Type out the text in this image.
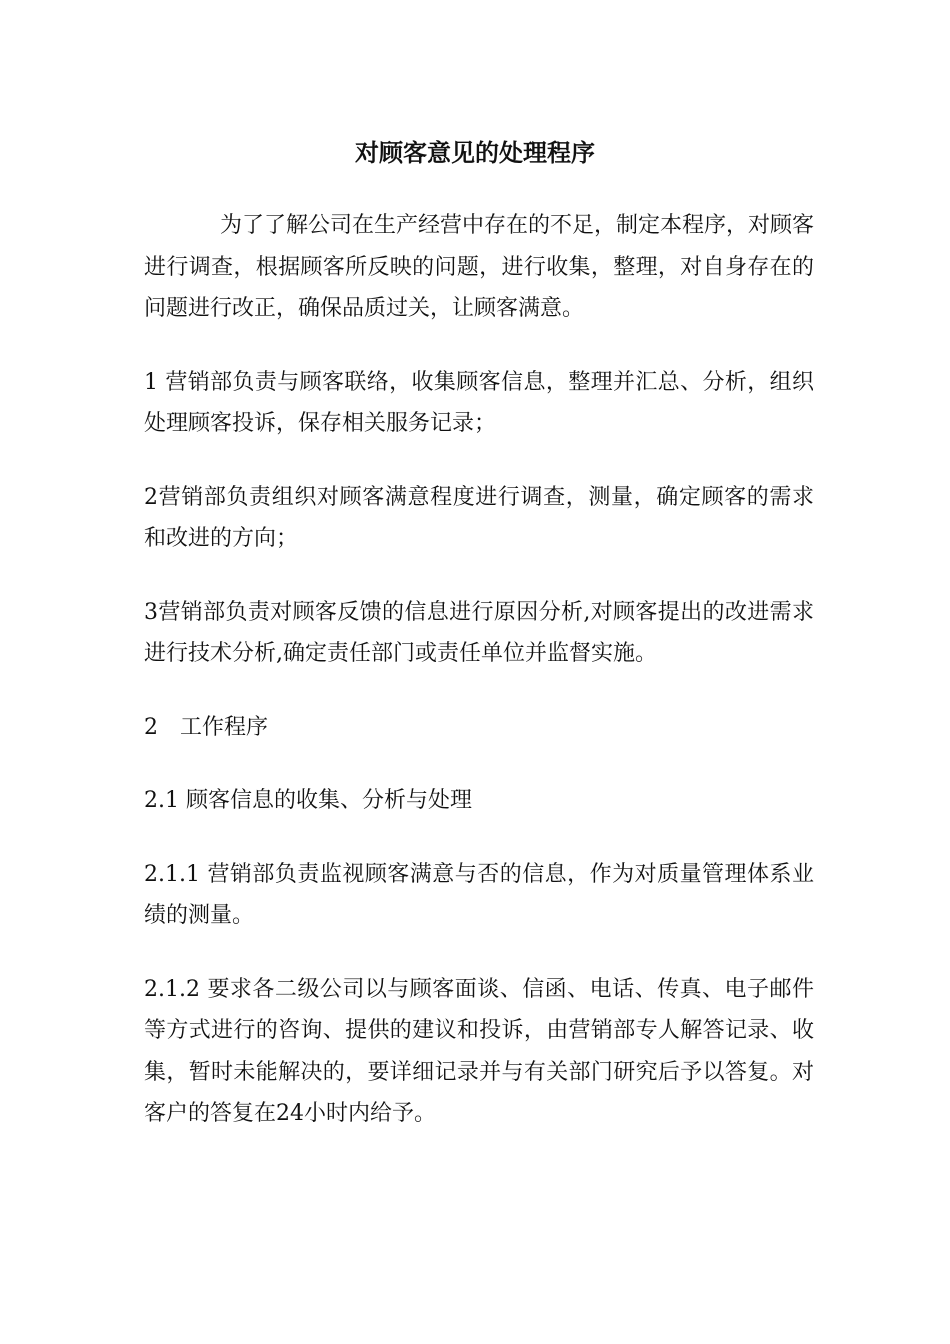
对顾客意见的处理程序

为了了解公司在生产经营中存在的不足，制定本程序，对顾客进行调查，根据顾客所反映的问题，进行收集，整理，对自身存在的问题进行改正，确保品质过关，让顾客满意。

1 营销部负责与顾客联络，收集顾客信息，整理并汇总、分析，组织处理顾客投诉，保存相关服务记录；

2营销部负责组织对顾客满意程度进行调查，测量，确定顾客的需求和改进的方向；

3营销部负责对顾客反馈的信息进行原因分析,对顾客提出的改进需求进行技术分析,确定责任部门或责任单位并监督实施。

2　工作程序

2.1 顾客信息的收集、分析与处理

2.1.1 营销部负责监视顾客满意与否的信息，作为对质量管理体系业绩的测量。

2.1.2 要求各二级公司以与顾客面谈、信函、电话、传真、电子邮件等方式进行的咨询、提供的建议和投诉，由营销部专人解答记录、收集，暂时未能解决的，要详细记录并与有关部门研究后予以答复。对客户的答复在24小时内给予。
